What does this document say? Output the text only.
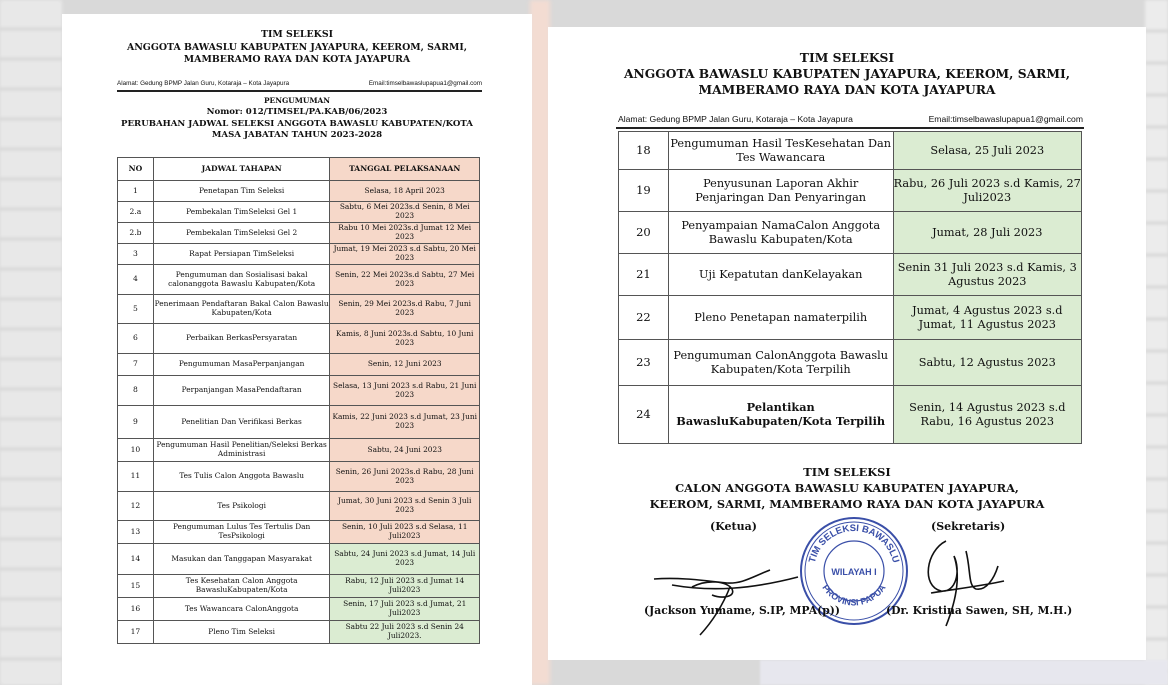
TIM SELEKSI
ANGGOTA BAWASLU KABUPATEN JAYAPURA, KEEROM, SARMI,
MAMBERAMO RAYA DAN KOTA JAYAPURA
Alamat: Gedung BPMP Jalan Guru, Kotaraja – Kota Jayapura	Email:timselbawaslupapua1@gmail.com
PENGUMUMAN
Nomor: 012/TIMSEL/PA.KAB/06/2023
PERUBAHAN JADWAL SELEKSI ANGGOTA BAWASLU KABUPATEN/KOTA
MASA JABATAN TAHUN 2023-2028
NO	JADWAL TAHAPAN	TANGGAL PELAKSANAAN
1	Penetapan Tim Seleksi	Selasa, 18 April 2023
2.a	Pembekalan TimSeleksi Gel 1	Sabtu, 6 Mei 2023s.d Senin, 8 Mei 2023
2.b	Pembekalan TimSeleksi Gel 2	Rabu 10 Mei 2023s.d Jumat 12 Mei 2023
3	Rapat Persiapan TimSeleksi	Jumat, 19 Mei 2023 s.d Sabtu, 20 Mei 2023
4	Pengumuman dan Sosialisasi bakal calonanggota Bawaslu Kabupaten/Kota	Senin, 22 Mei 2023s.d Sabtu, 27 Mei 2023
5	Penerimaan Pendaftaran Bakal Calon Bawaslu Kabupaten/Kota	Senin, 29 Mei 2023s.d Rabu, 7 Juni 2023
6	Perbaikan BerkasPersyaratan	Kamis, 8 Juni 2023s.d Sabtu, 10 Juni 2023
7	Pengumuman MasaPerpanjangan	Senin, 12 Juni 2023
8	Perpanjangan MasaPendaftaran	Selasa, 13 Juni 2023 s.d Rabu, 21 Juni 2023
9	Penelitian Dan Verifikasi Berkas	Kamis, 22 Juni 2023 s.d Jumat, 23 Juni 2023
10	Pengumuman Hasil Penelitian/Seleksi Berkas Administrasi	Sabtu, 24 Juni 2023
11	Tes Tulis Calon Anggota Bawaslu	Senin, 26 Juni 2023s.d Rabu, 28 Juni 2023
12	Tes Psikologi	Jumat, 30 Juni 2023 s.d Senin 3 Juli 2023
13	Pengumuman Lulus Tes Tertulis Dan TesPsikologi	Senin, 10 Juli 2023 s.d Selasa, 11 Juli2023
14	Masukan dan Tanggapan Masyarakat	Sabtu, 24 Juni 2023 s.d Jumat, 14 Juli 2023
15	Tes Kesehatan Calon Anggota BawasluKabupaten/Kota	Rabu, 12 Juli 2023 s.d Jumat 14 Juli2023
16	Tes Wawancara CalonAnggota	Senin, 17 Juli 2023 s.d Jumat, 21 Juli2023
17	Pleno Tim Seleksi	Sabtu 22 Juli 2023 s.d Senin 24 Juli2023.
TIM SELEKSI
ANGGOTA BAWASLU KABUPATEN JAYAPURA, KEEROM, SARMI,
MAMBERAMO RAYA DAN KOTA JAYAPURA
Alamat: Gedung BPMP Jalan Guru, Kotaraja – Kota Jayapura	Email:timselbawaslupapua1@gmail.com
18	Pengumuman Hasil TesKesehatan Dan Tes Wawancara	Selasa, 25 Juli 2023
19	Penyusunan Laporan Akhir Penjaringan Dan Penyaringan	Rabu, 26 Juli 2023 s.d Kamis, 27 Juli2023
20	Penyampaian NamaCalon Anggota Bawaslu Kabupaten/Kota	Jumat, 28 Juli 2023
21	Uji Kepatutan danKelayakan	Senin 31 Juli 2023 s.d Kamis, 3 Agustus 2023
22	Pleno Penetapan namaterpilih	Jumat, 4 Agustus 2023 s.d Jumat, 11 Agustus 2023
23	Pengumuman CalonAnggota Bawaslu Kabupaten/Kota Terpilih	Sabtu, 12 Agustus 2023
24	Pelantikan BawasluKabupaten/Kota Terpilih	Senin, 14 Agustus 2023 s.d Rabu, 16 Agustus 2023
TIM SELEKSI
CALON ANGGOTA BAWASLU KABUPATEN JAYAPURA,
KEEROM, SARMI, MAMBERAMO RAYA DAN KOTA JAYAPURA
(Ketua)	(Sekretaris)
TIM SELEKSI BAWASLU
PROVINSI PAPUA
WILAYAH I
(Jackson Yumame, S.IP, MPA(p))	(Dr. Kristina Sawen, SH, M.H.)
